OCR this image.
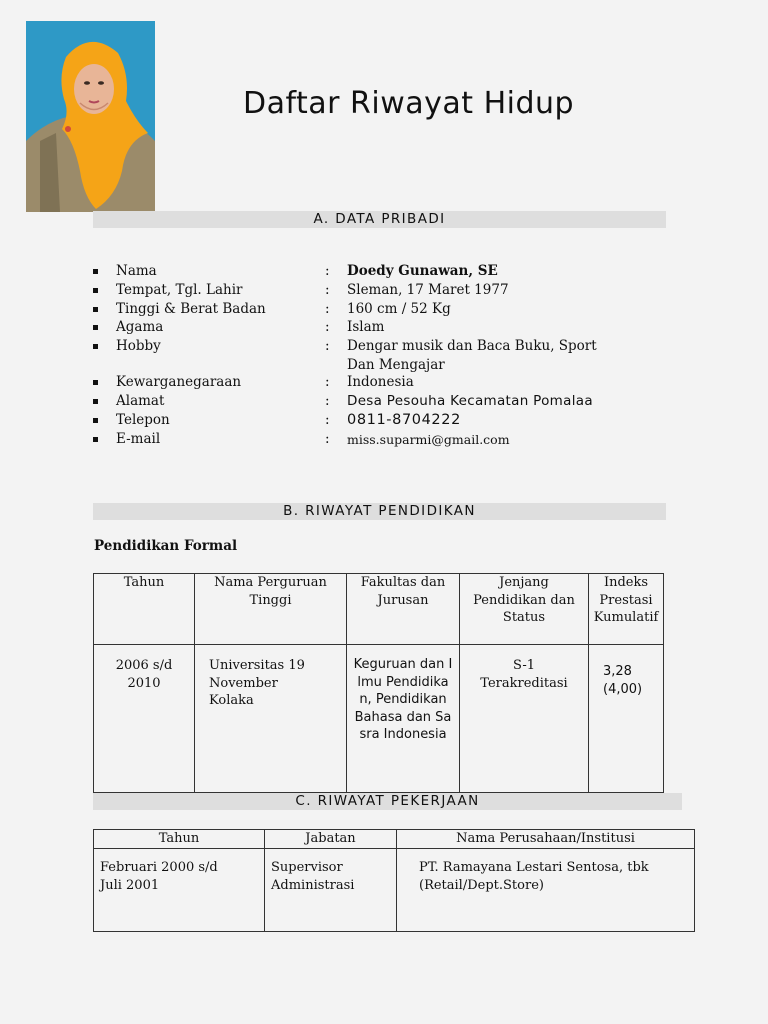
Daftar Riwayat Hidup
A. DATA PRIBADI
Nama	: Doedy Gunawan, SE
Tempat, Tgl. Lahir	: Sleman, 17 Maret 1977
Tinggi & Berat Badan	: 160 cm / 52 Kg
Agama	: Islam
Hobby	: Dengar musik dan Baca Buku, Sport
Dan Mengajar
Kewarganegaraan	: Indonesia
Alamat	: Desa Pesouha Kecamatan Pomalaa
Telepon	: 0811-8704222
E-mail	: miss.suparmi@gmail.com
B. RIWAYAT PENDIDIKAN
Pendidikan Formal
Tahun	Nama Perguruan Tinggi	Fakultas dan Jurusan	Jenjang Pendidikan dan Status	Indeks Prestasi Kumulatif
2006 s/d 2010	Universitas 19 November Kolaka	Keguruan dan Ilmu Pendidikan, Pendidikan Bahasa dan Sasra Indonesia	S-1 Terakreditasi	3,28 (4,00)
C. RIWAYAT PEKERJAAN
Tahun	Jabatan	Nama Perusahaan/Institusi
Februari 2000 s/d Juli 2001	Supervisor Administrasi	PT. Ramayana Lestari Sentosa, tbk (Retail/Dept.Store)
